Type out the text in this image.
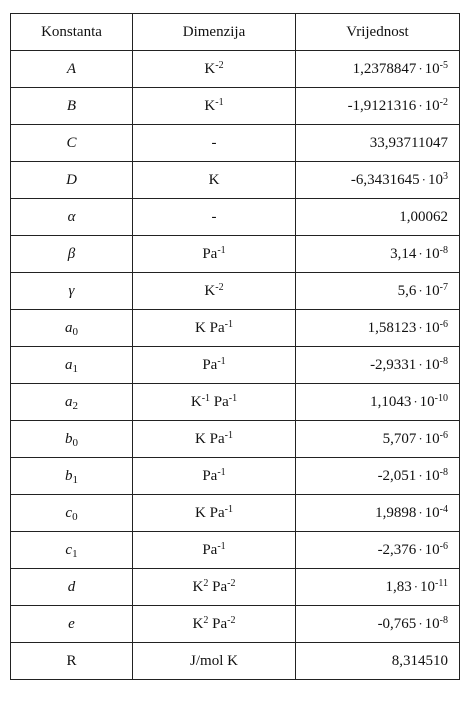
Konstanta	Dimenzija	Vrijednost
A	$K^{-2}$	$1,2378847 \cdot 10^{-5}$
B	$K^{-1}$	$-1,9121316 \cdot 10^{-2}$
C	-	33,93711047
D	K	$-6,3431645 \cdot 10^3$
α	-	1,00062
β	$Pa^{-1}$	$3,14 \cdot 10^{-8}$
γ	$K^{-2}$	$5,6 \cdot 10^{-7}$
$a_0$	K $Pa^{-1}$	$1,58123 \cdot 10^{-6}$
$a_1$	$Pa^{-1}$	$-2,9331 \cdot 10^{-8}$
$a_2$	$K^{-1}$ $Pa^{-1}$	$1,1043 \cdot 10^{-10}$
$b_0$	K $Pa^{-1}$	$5,707 \cdot 10^{-6}$
$b_1$	$Pa^{-1}$	$-2,051 \cdot 10^{-8}$
$c_0$	K $Pa^{-1}$	$1,9898 \cdot 10^{-4}$
$c_1$	$Pa^{-1}$	$-2,376 \cdot 10^{-6}$
d	$K^2$ $Pa^{-2}$	$1,83 \cdot 10^{-11}$
e	$K^2$ $Pa^{-2}$	$-0,765 \cdot 10^{-8}$
R	J/mol K	8,314510
